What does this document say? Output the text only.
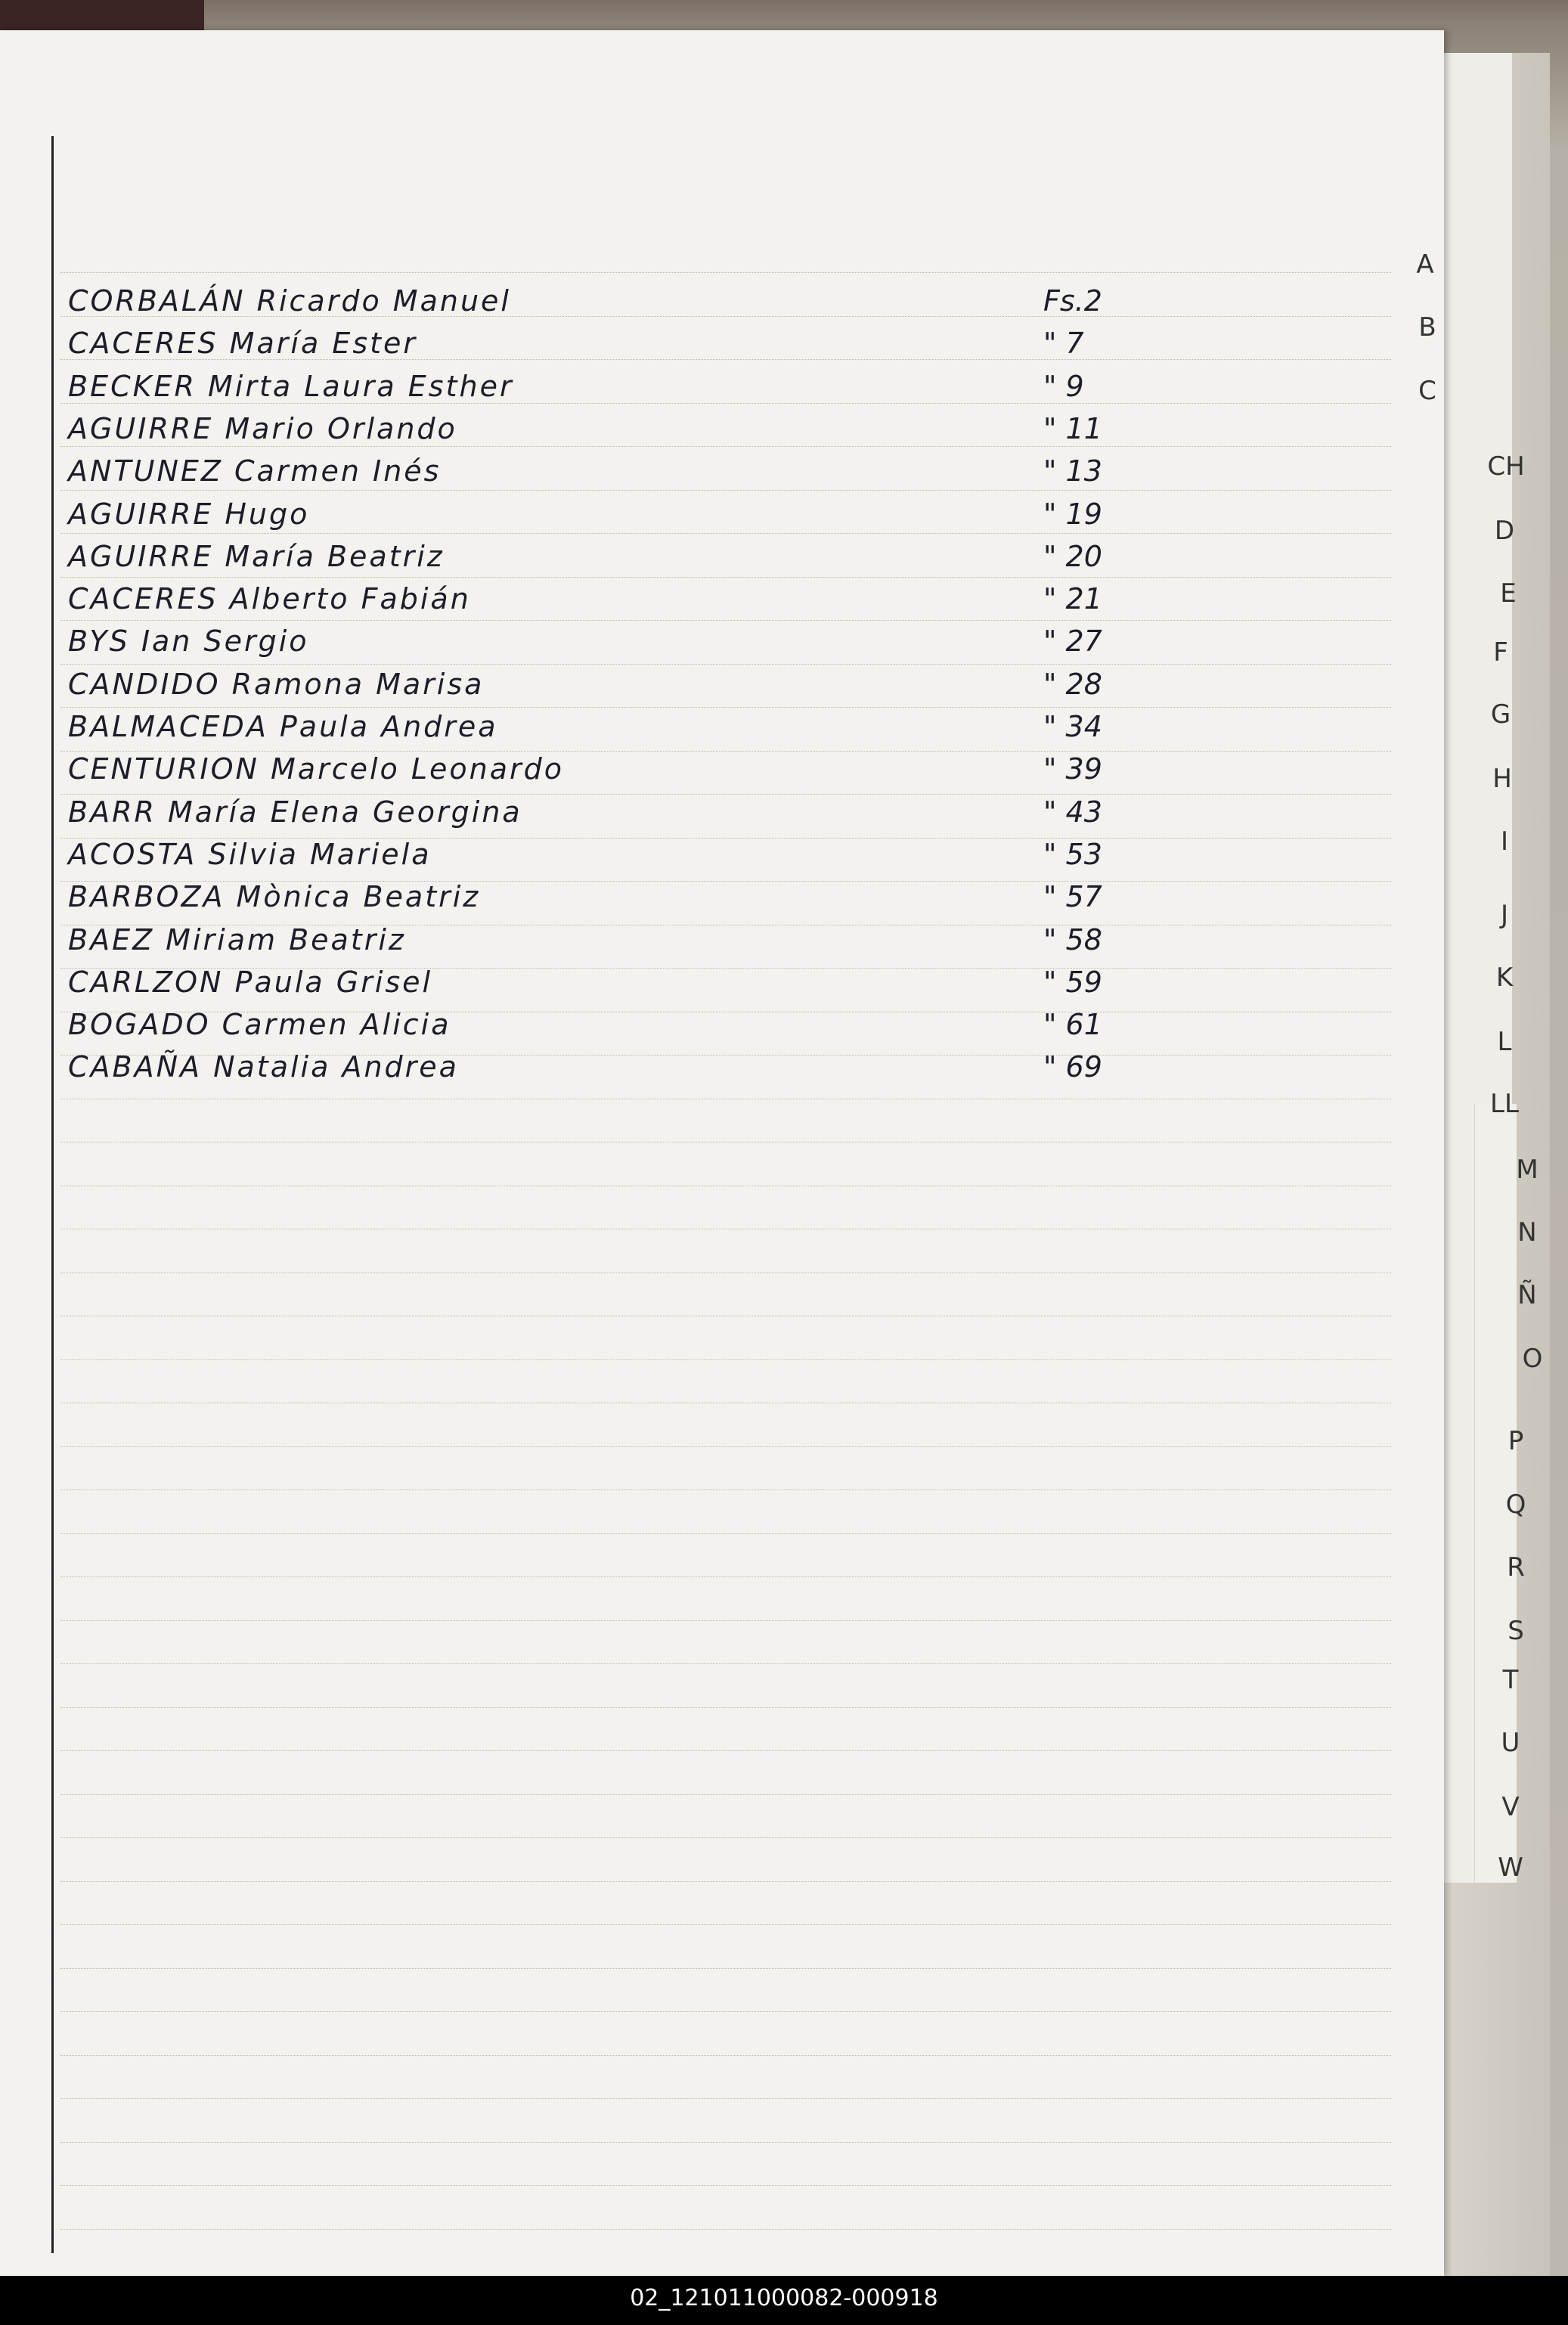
CORBALÁN Ricardo Manuel	Fs.2
CACERES María Ester	" 7
BECKER Mirta Laura Esther	" 9
AGUIRRE Mario Orlando	" 11
ANTUNEZ Carmen Inés	" 13
AGUIRRE Hugo	" 19
AGUIRRE María Beatriz	" 20
CACERES Alberto Fabián	" 21
BYS Ian Sergio	" 27
CANDIDO Ramona Marisa	" 28
BALMACEDA Paula Andrea	" 34
CENTURION Marcelo Leonardo	" 39
BARR María Elena Georgina	" 43
ACOSTA Silvia Mariela	" 53
BARBOZA Mònica Beatriz	" 57
BAEZ Miriam Beatriz	" 58
CARLZON Paula Grisel	" 59
BOGADO Carmen Alicia	" 61
CABAÑA Natalia Andrea	" 69
A
B
C
CH
D
E
F
G
H
I
J
K
L
LL
M
N
Ñ
O
P
Q
R
S
T
U
V
W
02_121011000082-000918
